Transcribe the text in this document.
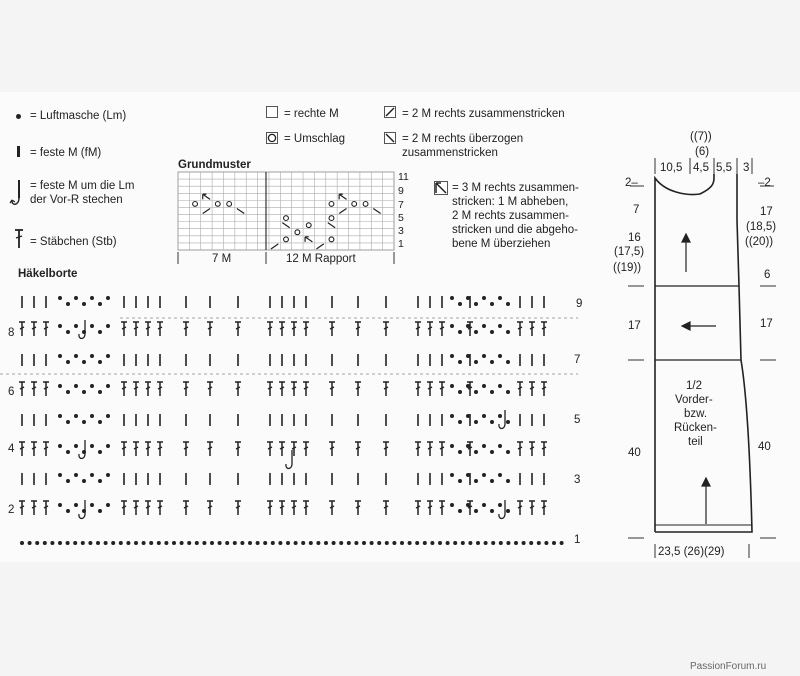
= Luftmasche (Lm)
= feste M (fM)
= feste M um die Lm
der Vor-R stechen
= Stäbchen (Stb)
= rechte M
= Umschlag
= 2 M rechts zusammenstricken
= 2 M rechts überzogen
zusammenstricken
= 3 M rechts zusammen-
stricken: 1 M abheben,
2 M rechts zusammen-
stricken und die abgeho-
bene M überziehen
Grundmuster
11
9
7
5
3
1
7 M	12 M Rapport
Häkelborte
9
7
5
3
1
8
6
4
2
((7))
(6)
10,5 4,5 5,5 3
2–
7
16
(17,5)
((19))
17
40
–2
17
(18,5)
((20))
6
17
40
1/2
Vorder-
bzw.
Rücken-
teil
23,5 (26)(29)
PassionForum.ru
